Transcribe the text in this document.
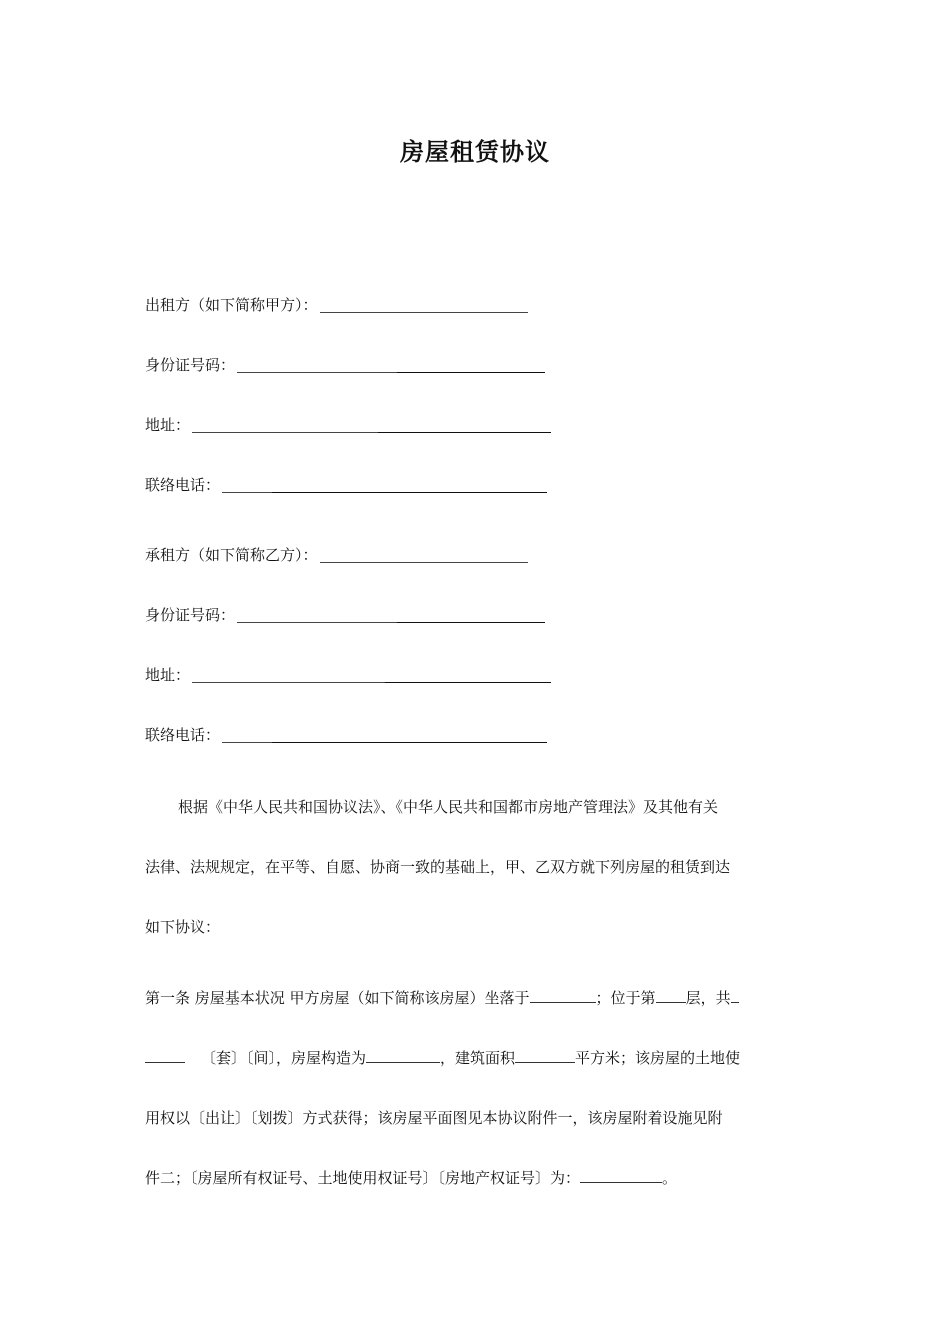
房屋租赁协议
出租方（如下简称甲方）：
身份证号码：
地址：
联络电话：
承租方（如下简称乙方）：
身份证号码：
地址：
联络电话：
根据《中华人民共和国协议法》、《中华人民共和国都市房地产管理法》及其他有关
法律、法规规定，在平等、自愿、协商一致的基础上，甲、乙双方就下列房屋的租赁到达
如下协议：
第一条 房屋基本状况 甲方房屋（如下简称该房屋）坐落于	；位于第 层，共
〔套〕〔间〕，房屋构造为	，建筑面积	平方米；该房屋的土地使
用权以〔出让〕〔划拨〕方式获得；该房屋平面图见本协议附件一，该房屋附着设施见附
件二；〔房屋所有权证号、土地使用权证号〕〔房地产权证号〕为：	。
